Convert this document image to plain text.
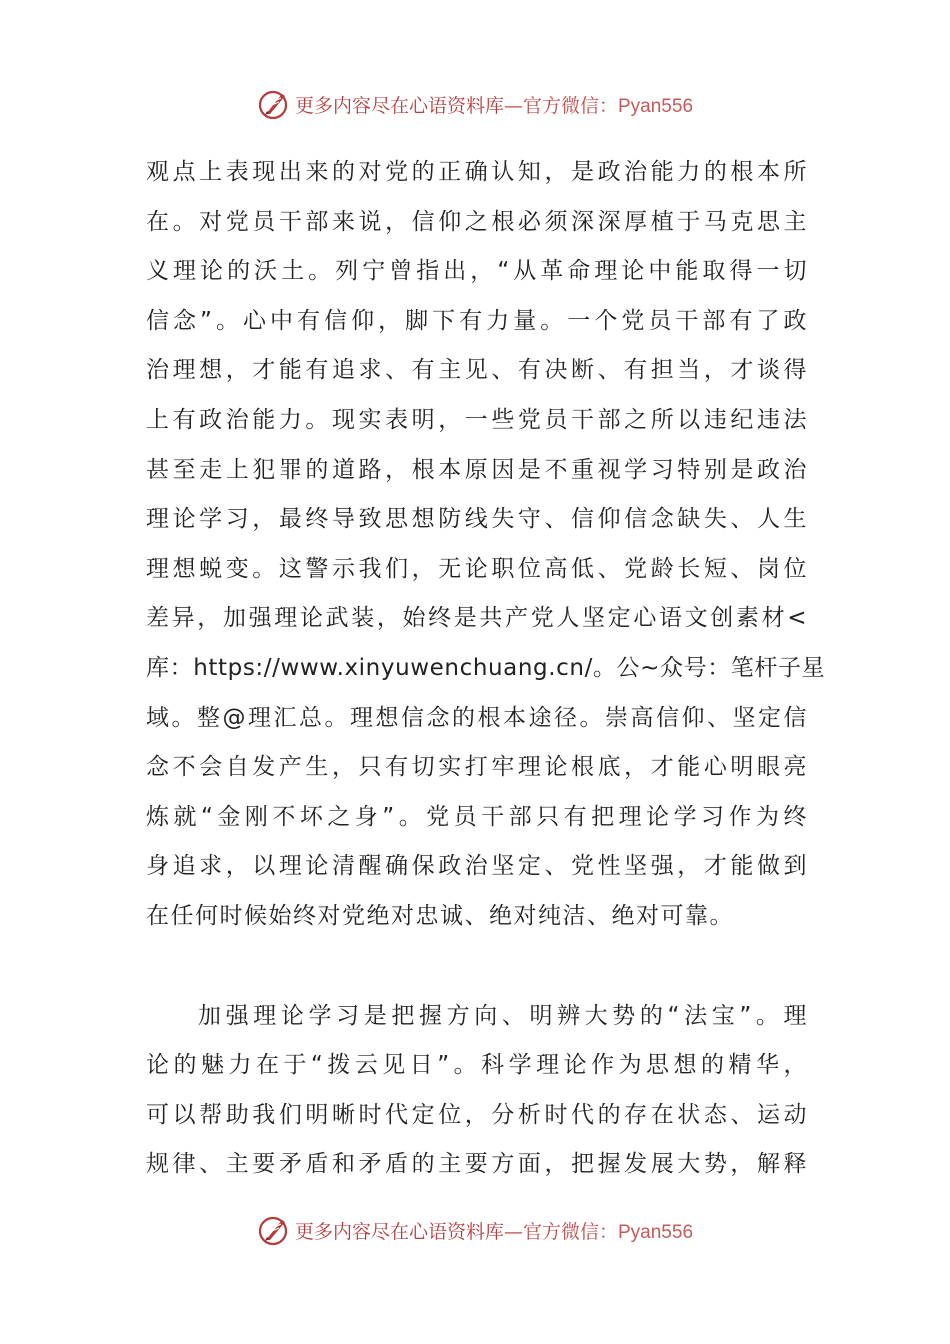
更多内容尽在心语资料库—官方微信：Pyan556
观点上表现出来的对党的正确认知，是政治能力的根本所
在。对党员干部来说，信仰之根必须深深厚植于马克思主
义理论的沃土。列宁曾指出，“从革命理论中能取得一切
信念”。心中有信仰，脚下有力量。一个党员干部有了政
治理想，才能有追求、有主见、有决断、有担当，才谈得
上有政治能力。现实表明，一些党员干部之所以违纪违法
甚至走上犯罪的道路，根本原因是不重视学习特别是政治
理论学习，最终导致思想防线失守、信仰信念缺失、人生
理想蜕变。这警示我们，无论职位高低、党龄长短、岗位
差异，加强理论武装，始终是共产党人坚定心语文创素材<
库：https://www.xinyuwenchuang.cn/。公~众号：笔杆子星
域。整@理汇总。理想信念的根本途径。崇高信仰、坚定信
念不会自发产生，只有切实打牢理论根底，才能心明眼亮
炼就“金刚不坏之身”。党员干部只有把理论学习作为终
身追求，以理论清醒确保政治坚定、党性坚强，才能做到
在任何时候始终对党绝对忠诚、绝对纯洁、绝对可靠。
加强理论学习是把握方向、明辨大势的“法宝”。理
论的魅力在于“拨云见日”。科学理论作为思想的精华，
可以帮助我们明晰时代定位，分析时代的存在状态、运动
规律、主要矛盾和矛盾的主要方面，把握发展大势，解释
更多内容尽在心语资料库—官方微信：Pyan556
